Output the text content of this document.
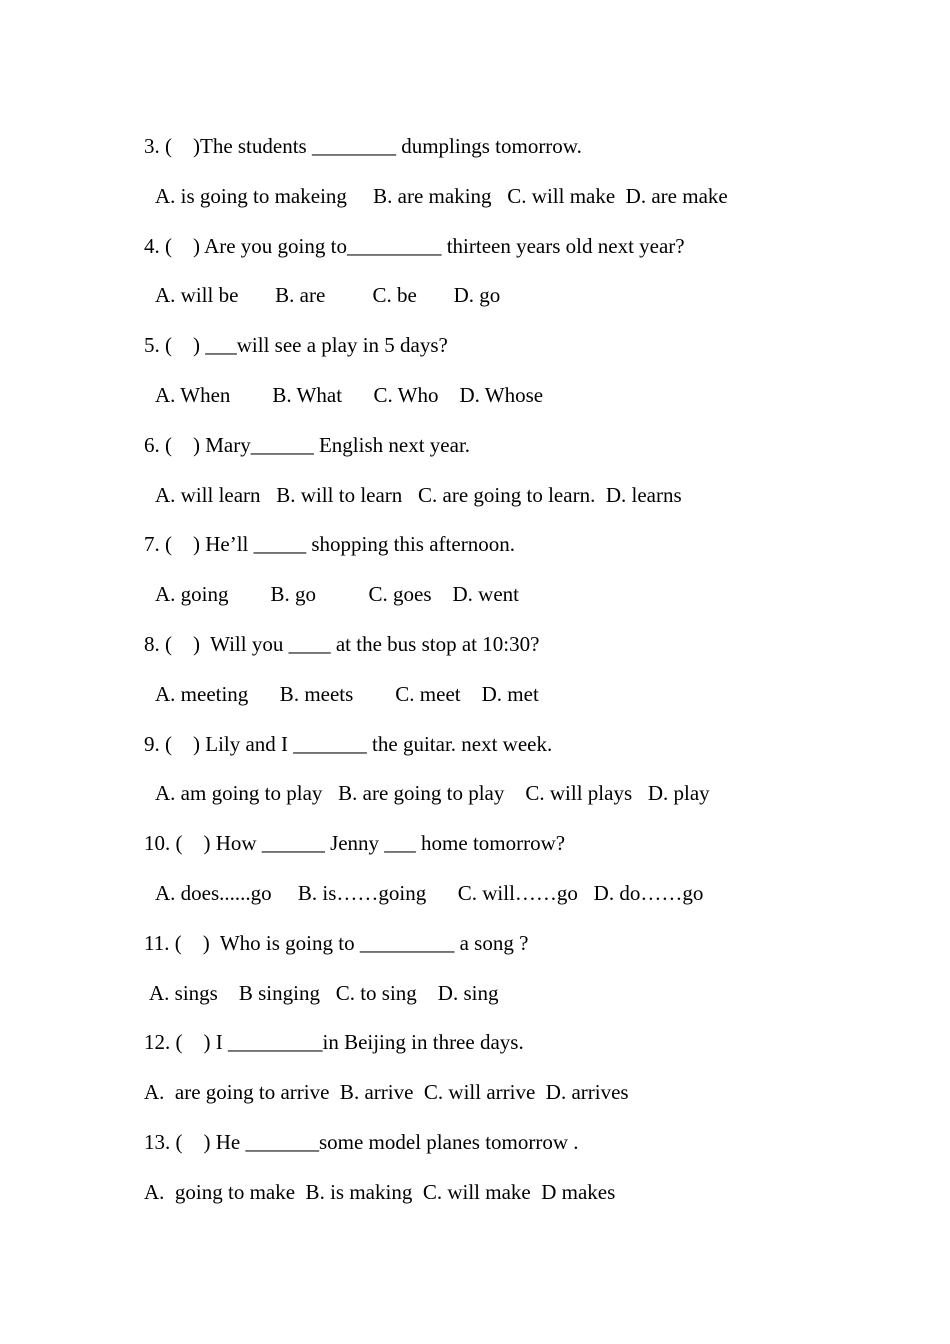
3. (    )The students ________ dumplings tomorrow.
A. is going to makeing     B. are making   C. will make  D. are make
4. (    ) Are you going to_________ thirteen years old next year?
A. will be       B. are         C. be       D. go
5. (    ) ___will see a play in 5 days?
A. When        B. What      C. Who    D. Whose
6. (    ) Mary______ English next year.
A. will learn   B. will to learn   C. are going to learn.  D. learns
7. (    ) He’ll _____ shopping this afternoon.
A. going        B. go          C. goes    D. went
8. (    )  Will you ____ at the bus stop at 10:30?
A. meeting      B. meets        C. meet    D. met
9. (    ) Lily and I _______ the guitar. next week.
A. am going to play   B. are going to play    C. will plays   D. play
10. (    ) How ______ Jenny ___ home tomorrow?
A. does......go     B. is……going      C. will……go   D. do……go
11. (    )  Who is going to _________ a song ?
A. sings    B singing   C. to sing    D. sing
12. (    ) I _________in Beijing in three days.
A.  are going to arrive  B. arrive  C. will arrive  D. arrives
13. (    ) He _______some model planes tomorrow .
A.  going to make  B. is making  C. will make  D makes
